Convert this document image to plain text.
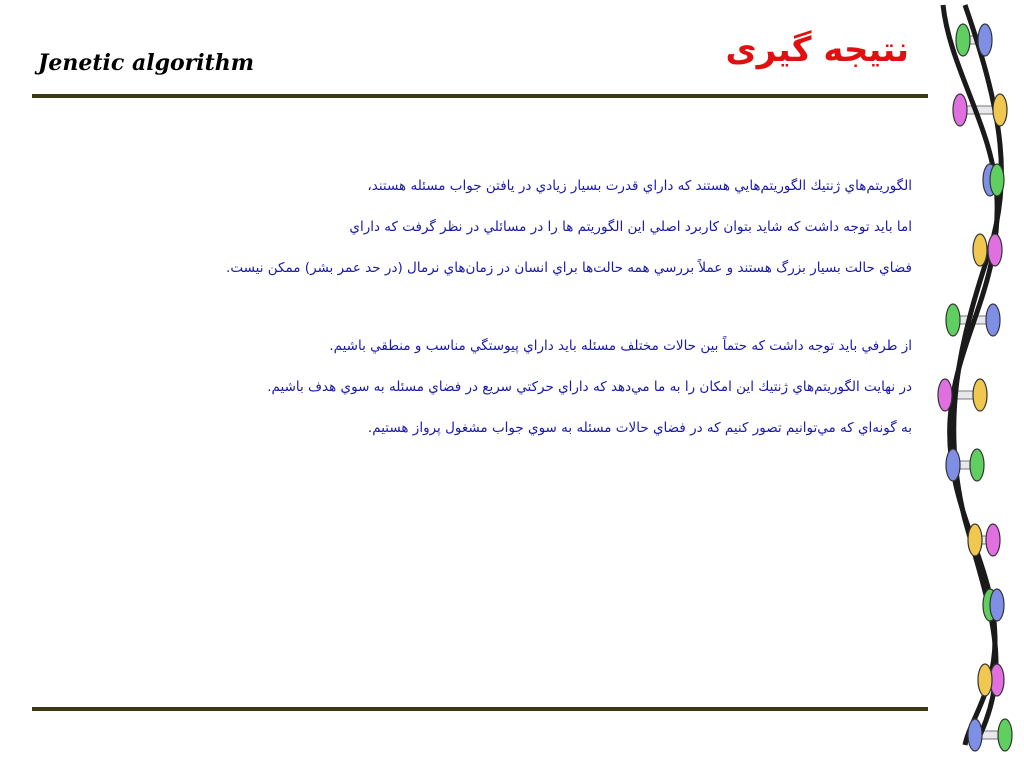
نتیجه گیری
Jenetic algorithm

الگوريتم‌هاي ژنتيك الگوريتم‌هايي هستند كه داراي قدرت بسيار زيادي در يافتن جواب مسئله هستند،

اما بايد توجه داشت كه شايد بتوان كاربرد اصلي اين الگوريتم ها را در مسائلي در نظر گرفت كه داراي

فضاي حالت بسيار بزرگ هستند و عملاً بررسي همه حالت‌ها براي انسان در زمان‌هاي نرمال (در حد عمر بشر) ممكن نيست.

از طرفي بايد توجه داشت كه حتماً بين حالات مختلف مسئله بايد داراي پيوستگي مناسب و منطقي باشيم.

در نهايت الگوريتم‌هاي ژنتيك اين امكان را به ما مي‌دهد كه داراي حركتي سريع در فضاي مسئله به سوي هدف باشيم.

به گونه‌اي كه مي‌توانيم تصور كنيم كه در فضاي حالات مسئله به سوي جواب مشغول پرواز هستيم.
